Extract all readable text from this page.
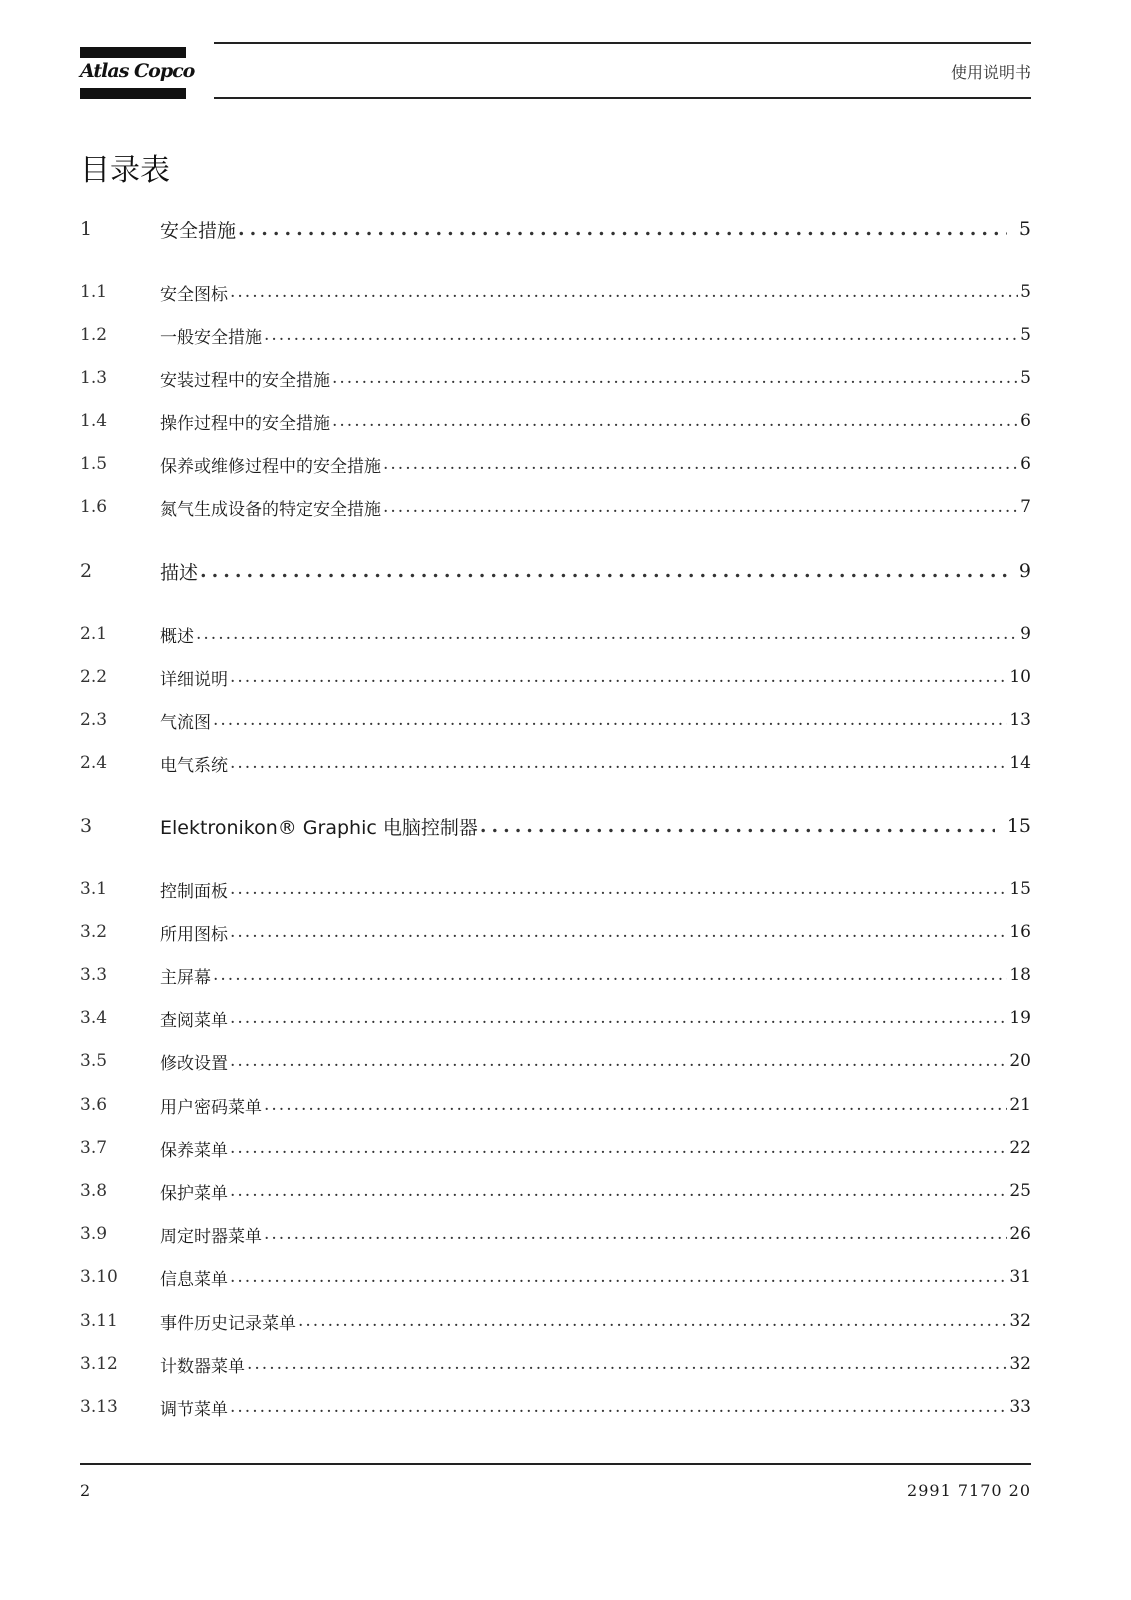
Atlas Copco	使用说明书
目录表
1	安全措施 .....	5
1.1	安全图标 .....	5
1.2	一般安全措施 .....	5
1.3	安装过程中的安全措施 .....	5
1.4	操作过程中的安全措施 .....	6
1.5	保养或维修过程中的安全措施 .....	6
1.6	氮气生成设备的特定安全措施 .....	7
2	描述 .....	9
2.1	概述 .....	9
2.2	详细说明 .....	10
2.3	气流图 .....	13
2.4	电气系统 .....	14
3	Elektronikon® Graphic 电脑控制器 .....	15
3.1	控制面板 .....	15
3.2	所用图标 .....	16
3.3	主屏幕 .....	18
3.4	查阅菜单 .....	19
3.5	修改设置 .....	20
3.6	用户密码菜单 .....	21
3.7	保养菜单 .....	22
3.8	保护菜单 .....	25
3.9	周定时器菜单 .....	26
3.10	信息菜单 .....	31
3.11	事件历史记录菜单 .....	32
3.12	计数器菜单 .....	32
3.13	调节菜单 .....	33
2	2991 7170 20
